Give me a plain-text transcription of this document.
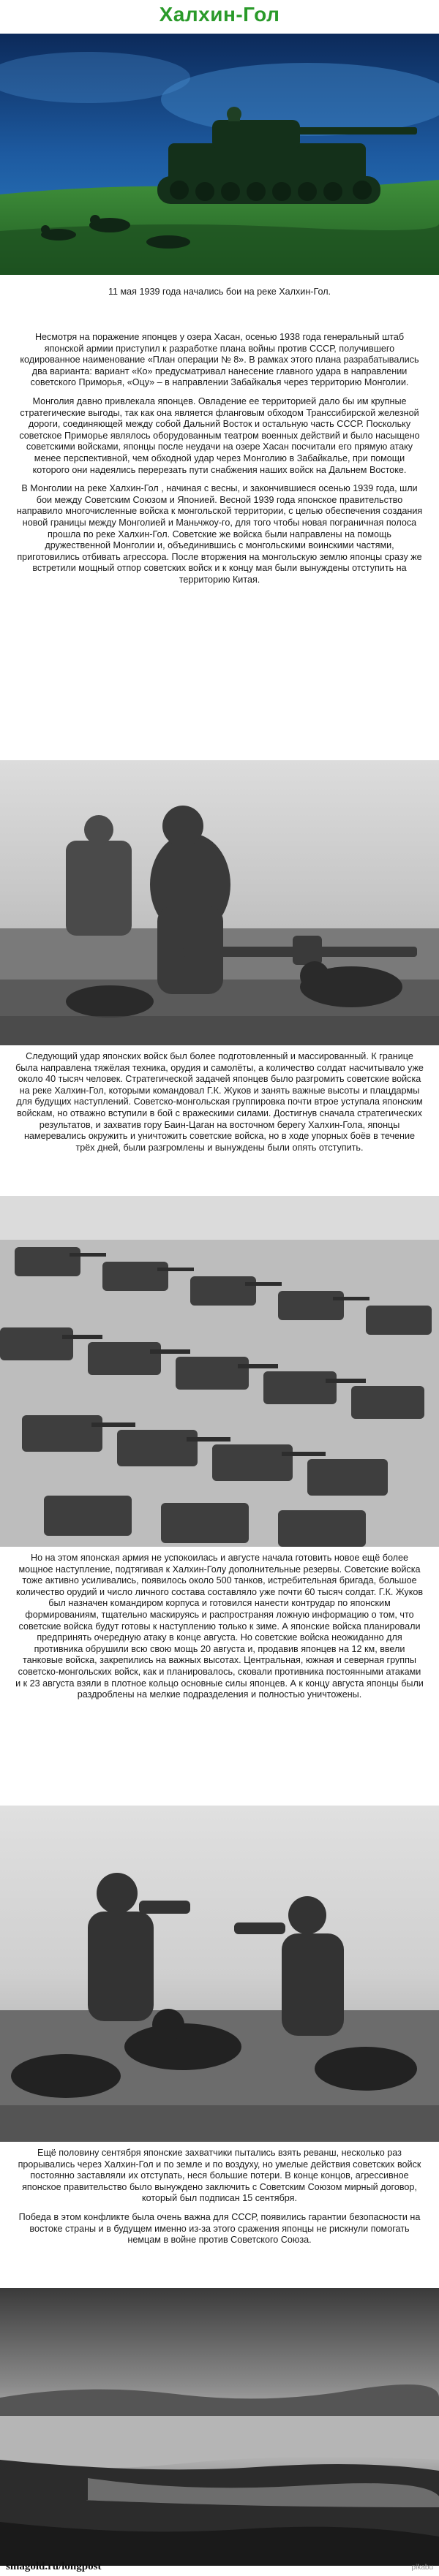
Халхин-Гол

11 мая 1939 года начались бои на реке Халхин-Гол.

Несмотря на поражение японцев у озера Хасан, осенью 1938 года генеральный штаб японской армии приступил к разработке плана войны против СССР, получившего кодированное наименование «План операции № 8». В рамках этого плана разрабатывались два варианта: вариант «Ко» предусматривал нанесение главного удара в направлении советского Приморья, «Оцу» – в направлении Забайкалья через территорию Монголии.

Монголия давно привлекала японцев. Овладение ее территорией дало бы им крупные стратегические выгоды, так как она является фланговым обходом Транссибирской железной дороги, соединяющей между собой Дальний Восток и остальную часть СССР. Поскольку советское Приморье являлось оборудованным театром военных действий и было насыщено советскими войсками, японцы после неудачи на озере Хасан посчитали его прямую атаку менее перспективной, чем обходной удар через Монголию в Забайкалье, при помощи которого они надеялись перерезать пути снабжения наших войск на Дальнем Востоке.

В Монголии на реке Халхин-Гол , начиная с весны, и закончившиеся осенью 1939 года, шли бои между Советским Союзом и Японией. Весной 1939 года японское правительство направило многочисленные войска к монгольской территории, с целью обеспечения создания новой границы между Монголией и Маньчжоу-го, для того чтобы новая пограничная полоса прошла по реке Халхин-Гол. Советские же войска были направлены на помощь дружественной Монголии и, объединившись с монгольскими воинскими частями, приготовились отбивать агрессора. После вторжения на монгольскую землю японцы сразу же встретили мощный отпор советских войск и к концу мая были вынуждены отступить на территорию Китая.

Следующий удар японских войск был более подготовленный и массированный. К границе была направлена тяжёлая техника, орудия и самолёты, а количество солдат насчитывало уже около 40 тысяч человек. Стратегической задачей японцев было разгромить советские войска на реке Халхин-Гол, которыми командовал Г.К. Жуков и занять важные высоты и плацдармы для будущих наступлений. Советско-монгольская группировка почти втрое уступала японским войскам, но отважно вступили в бой с вражескими силами. Достигнув сначала стратегических результатов, и захватив гору Баин-Цаган на восточном берегу Халхин-Гола, японцы намеревались окружить и уничтожить советские войска, но в ходе упорных боёв в течение трёх дней, были разгромлены и вынуждены были опять отступить.

Но на этом японская армия не успокоилась и августе начала готовить новое ещё более мощное наступление, подтягивая к Халхин-Голу дополнительные резервы. Советские войска тоже активно усиливались, появилось около 500 танков, истребительная бригада, большое количество орудий и число личного состава составляло уже почти 60 тысяч солдат. Г.К. Жуков был назначен командиром корпуса и готовился нанести контрудар по японским формированиям, тщательно маскируясь и распространяя ложную информацию о том, что советские войска будут готовы к наступлению только к зиме. А японские войска планировали предпринять очередную атаку в конце августа. Но советские войска неожиданно для противника обрушили всю свою мощь 20 августа и, продавив японцев на 12 км, ввели танковые войска, закрепились на важных высотах. Центральная, южная и северная группы советско-монгольских войск, как и планировалось, сковали противника постоянными атаками и к 23 августа взяли в плотное кольцо основные силы японцев. А к концу августа японцы были раздроблены на мелкие подразделения и полностью уничтожены.

Ещё половину сентября японские захватчики пытались взять реванш, несколько раз прорывались через Халхин-Гол и по земле и по воздуху, но умелые действия советских войск постоянно заставляли их отступать, неся большие потери. В конце концов, агрессивное японское правительство было вынуждено заключить с Советским Союзом мирный договор, который был подписан 15 сентября.

Победа в этом конфликте была очень важна для СССР, появились гарантии безопасности на востоке страны и в будущем именно из-за этого сражения японцы не рискнули помогать немцам в войне против Советского Союза.

smagold.ru/longpost	pikabu
